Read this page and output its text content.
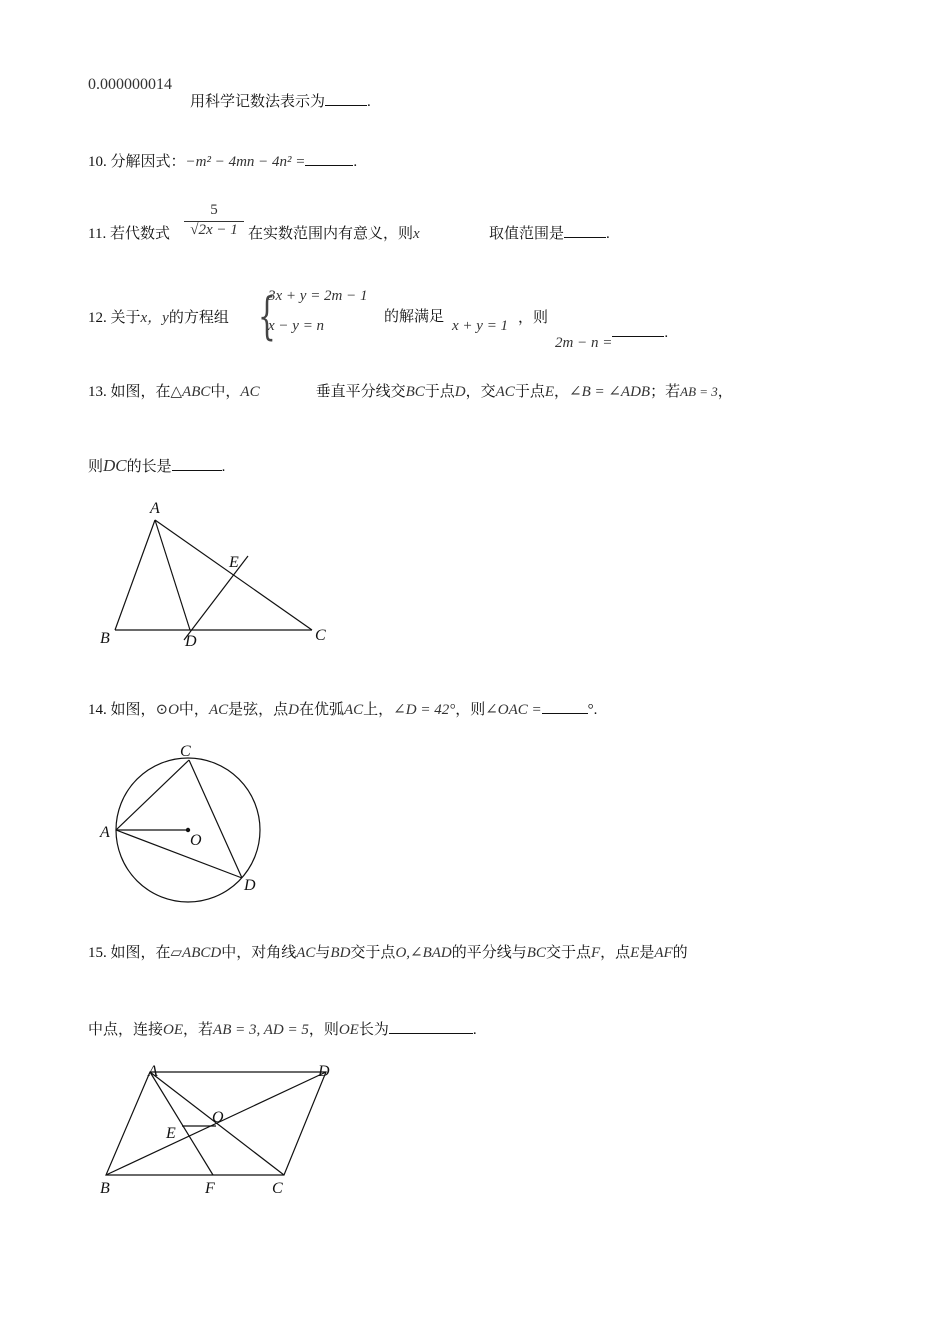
0.000000014
用科学记数法表示为	.
10. 分解因式：−m² − 4mn − 4n² =	.
11. 若代数式 $\frac{5}{√2x - 1}$ 在实数范围内有意义，则x	取值范围是	.
12. 关于x，y的方程组 {
3x + y = 2m − 1
x − y = n
的解满足
x + y = 1 ，则
2m − n =.
13. 如图，在△ABC中，AC	垂直平分线交BC于点D，交AC于点E，∠B = ∠ADB；若AB = 3，
则DC的长是	.
A
E
B	D	C
C
A	O
D
A	D
O
E
B	F	C
14. 如图，⊙O中，AC是弦，点D在优弧AC上，∠D = 42°，则∠OAC =	°.
15. 如图，在▱ABCD中，对角线AC与BD交于点O,∠BAD的平分线与BC交于点F，点E是AF的
中点，连接OE，若AB = 3, AD = 5，则OE长为	.
